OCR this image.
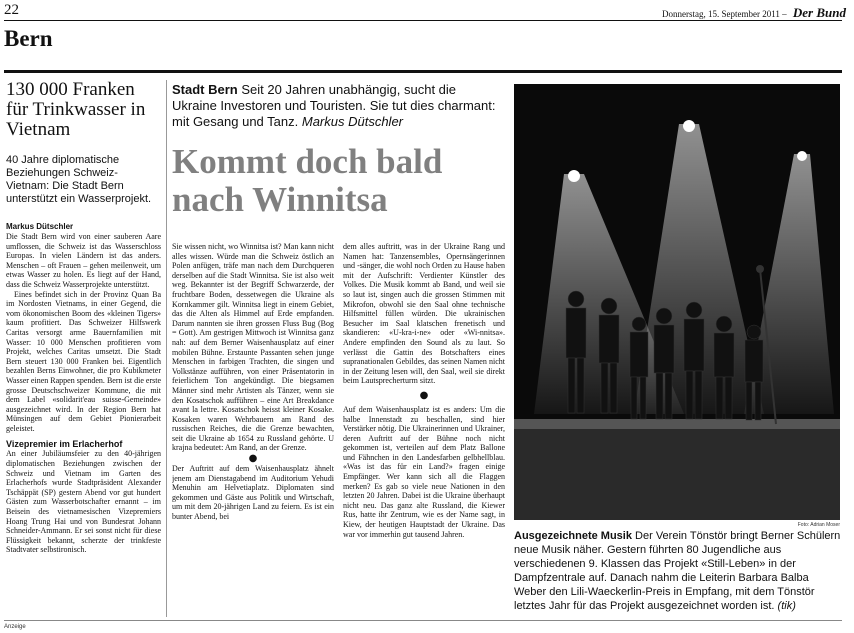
22	Donnerstag, 15. September 2011 – Der Bund
Bern
130 000 Franken für Trinkwasser in Vietnam
40 Jahre diplomatische Beziehungen Schweiz-Vietnam: Die Stadt Bern unterstützt ein Wasserprojekt.
Markus Dütschler
Die Stadt Bern wird von einer sauberen Aare umflossen, die Schweiz ist das Wasserschloss Europas. In vielen Ländern ist das anders. Menschen – oft Frauen – gehen meilenweit, um etwas Wasser zu holen. Es liegt auf der Hand, dass die Schweiz Wasserprojekte unterstützt.
Eines befindet sich in der Provinz Quan Ba im Nordosten Vietnams, in einer Gegend, die vom ökonomischen Boom des «kleinen Tigers» kaum profitiert. Das Schweizer Hilfswerk Caritas versorgt arme Bauernfamilien mit Wasser: 10 000 Menschen profitieren vom Projekt, welches Caritas umsetzt. Die Stadt Bern steuert 130 000 Franken bei. Eigentlich bezahlen Berns Einwohner, die pro Kubikmeter Wasser einen Rappen spenden. Bern ist die erste grosse Deutschschweizer Kommune, die mit dem Label «solidarit'eau suisse-Gemeinde» ausgezeichnet wird. In der Region Bern hat Münsingen auf dem Gebiet Pionierarbeit geleistet.
Vizepremier im Erlacherhof
An einer Jubiläumsfeier zu den 40-jährigen diplomatischen Beziehungen zwischen der Schweiz und Vietnam im Garten des Erlacherhofs wurde Stadtpräsident Alexander Tschäppät (SP) gestern Abend vor gut hundert Gästen zum Wasserbotschafter ernannt – im Beisein des vietnamesischen Vizepremiers Hoang Trung Hai und von Bundesrat Johann Schneider-Ammann. Er sei sonst nicht für diese Flüssigkeit bekannt, scherzte der trinkfeste Stadtvater selbstironisch.
Stadt Bern Seit 20 Jahren unabhängig, sucht die Ukraine Investoren und Touristen. Sie tut dies charmant: mit Gesang und Tanz. Markus Dütschler
Kommt doch bald nach Winnitsa
Sie wissen nicht, wo Winnitsa ist? Man kann nicht alles wissen. Würde man die Schweiz östlich an Polen anfügen, träfe man nach dem Durchqueren derselben auf die Stadt Winnitsa. Sie ist also weit weg. Bekannter ist der Begriff Schwarzerde, der fruchtbare Boden, dessetwegen die Ukraine als Kornkammer gilt. Winnitsa liegt in einem Gebiet, das die Alten als Himmel auf Erde empfanden. Darum nannten sie ihren grossen Fluss Bug (Bog = Gott). Am gestrigen Mittwoch ist Winnitsa ganz nah: auf dem Berner Waisenhausplatz auf einer mobilen Bühne. Erstaunte Passanten sehen junge Menschen in farbigen Trachten, die singen und Volkstänze aufführen, von einer Präsentatorin in feierlichem Ton angekündigt. Die biegsamen Männer sind mehr Artisten als Tänzer, wenn sie den Kosatschok aufführen – eine Art Breakdance avant la lettre. Kosatschok heisst kleiner Kosake. Kosaken waren Wehrbauern am Rand des russischen Reiches, die die Grenze bewachten, seit die Ukraine ab 1654 zu Russland gehörte. U krajna bedeutet: Am Rand, an der Grenze.
●
Der Auftritt auf dem Waisenhausplatz ähnelt jenem am Dienstagabend im Auditorium Yehudi Menuhin am Helvetiaplatz. Diplomaten sind gekommen und Gäste aus Politik und Wirtschaft, um mit dem 20-jährigen Land zu feiern. Es ist ein bunter Abend, bei
dem alles auftritt, was in der Ukraine Rang und Namen hat: Tanzensembles, Opernsängerinnen und -sänger, die wohl noch Orden zu Hause haben mit der Aufschrift: Verdienter Künstler des Volkes. Die Musik kommt ab Band, und weil sie so laut ist, singen auch die grossen Stimmen mit Mikrofon, obwohl sie den Saal ohne technische Hilfsmittel füllen würden. Die ukrainischen Besucher im Saal klatschen frenetisch und skandieren: «U-kra-i-ne» oder «Wi-nnitsa». Andere empfinden den Sound als zu laut. So verlässt die Gattin des Botschafters eines supranationalen Gebildes, das seinen Namen nicht in der Zeitung lesen will, den Saal, weil sie direkt beim Lautsprecherturm sitzt.
●
Auf dem Waisenhausplatz ist es anders: Um die halbe Innenstadt zu beschallen, sind hier Verstärker nötig. Die Ukrainerinnen und Ukrainer, deren Auftritt auf der Bühne noch nicht gekommen ist, verteilen auf dem Platz Ballone und Fähnchen in den Landesfarben gelbhellblau. «Was ist das für ein Land?» fragen einige Empfänger. Wer kann sich all die Flaggen merken? Es gab so viele neue Nationen in den letzten 20 Jahren. Dabei ist die Ukraine überhaupt nicht neu. Das ganz alte Russland, die Kiewer Rus, hatte ihr Zentrum, wie es der Name sagt, in Kiew, der heutigen Hauptstadt der Ukraine. Das war vor immerhin gut tausend Jahren.
Foto: Adrian Moser
Ausgezeichnete Musik Der Verein Tönstör bringt Berner Schülern neue Musik näher. Gestern führten 80 Jugendliche aus verschiedenen 9. Klassen das Projekt «Still-Leben» in der Dampfzentrale auf. Danach nahm die Leiterin Barbara Balba Weber den Lili-Waeckerlin-Preis in Empfang, mit dem Tönstör letztes Jahr für das Projekt ausgezeichnet worden ist. (tik)
Anzeige
